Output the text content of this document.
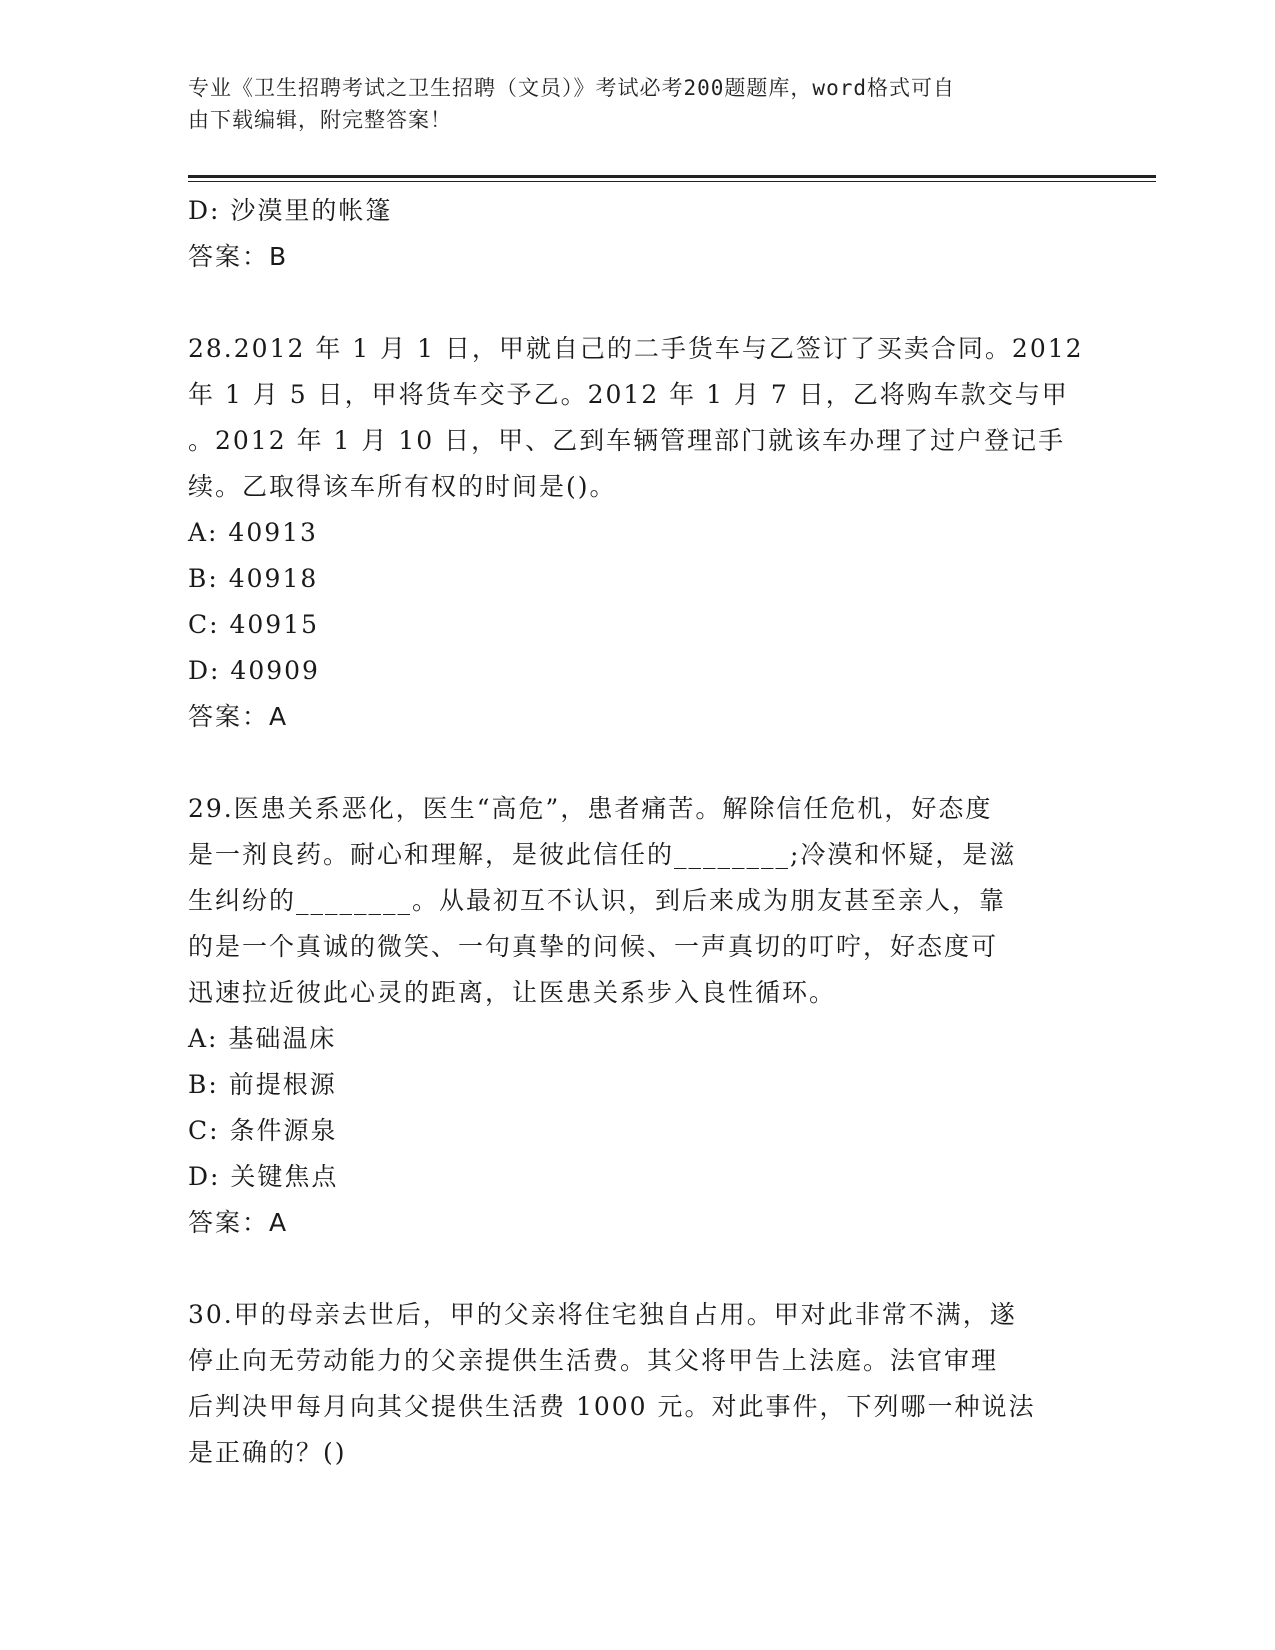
专业《卫生招聘考试之卫生招聘（文员）》考试必考200题题库，word格式可自
由下载编辑，附完整答案！
D: 沙漠里的帐篷
答案：B
28.2012 年 1 月 1 日，甲就自己的二手货车与乙签订了买卖合同。2012
年 1 月 5 日，甲将货车交予乙。2012 年 1 月 7 日，乙将购车款交与甲
。2012 年 1 月 10 日，甲、乙到车辆管理部门就该车办理了过户登记手
续。乙取得该车所有权的时间是()。
A: 40913
B: 40918
C: 40915
D: 40909
答案：A
29.医患关系恶化，医生“高危”，患者痛苦。解除信任危机，好态度
是一剂良药。耐心和理解，是彼此信任的________;冷漠和怀疑，是滋
生纠纷的________。从最初互不认识，到后来成为朋友甚至亲人，靠
的是一个真诚的微笑、一句真挚的问候、一声真切的叮咛，好态度可
迅速拉近彼此心灵的距离，让医患关系步入良性循环。
A: 基础温床
B: 前提根源
C: 条件源泉
D: 关键焦点
答案：A
30.甲的母亲去世后，甲的父亲将住宅独自占用。甲对此非常不满，遂
停止向无劳动能力的父亲提供生活费。其父将甲告上法庭。法官审理
后判决甲每月向其父提供生活费 1000 元。对此事件，下列哪一种说法
是正确的？()
